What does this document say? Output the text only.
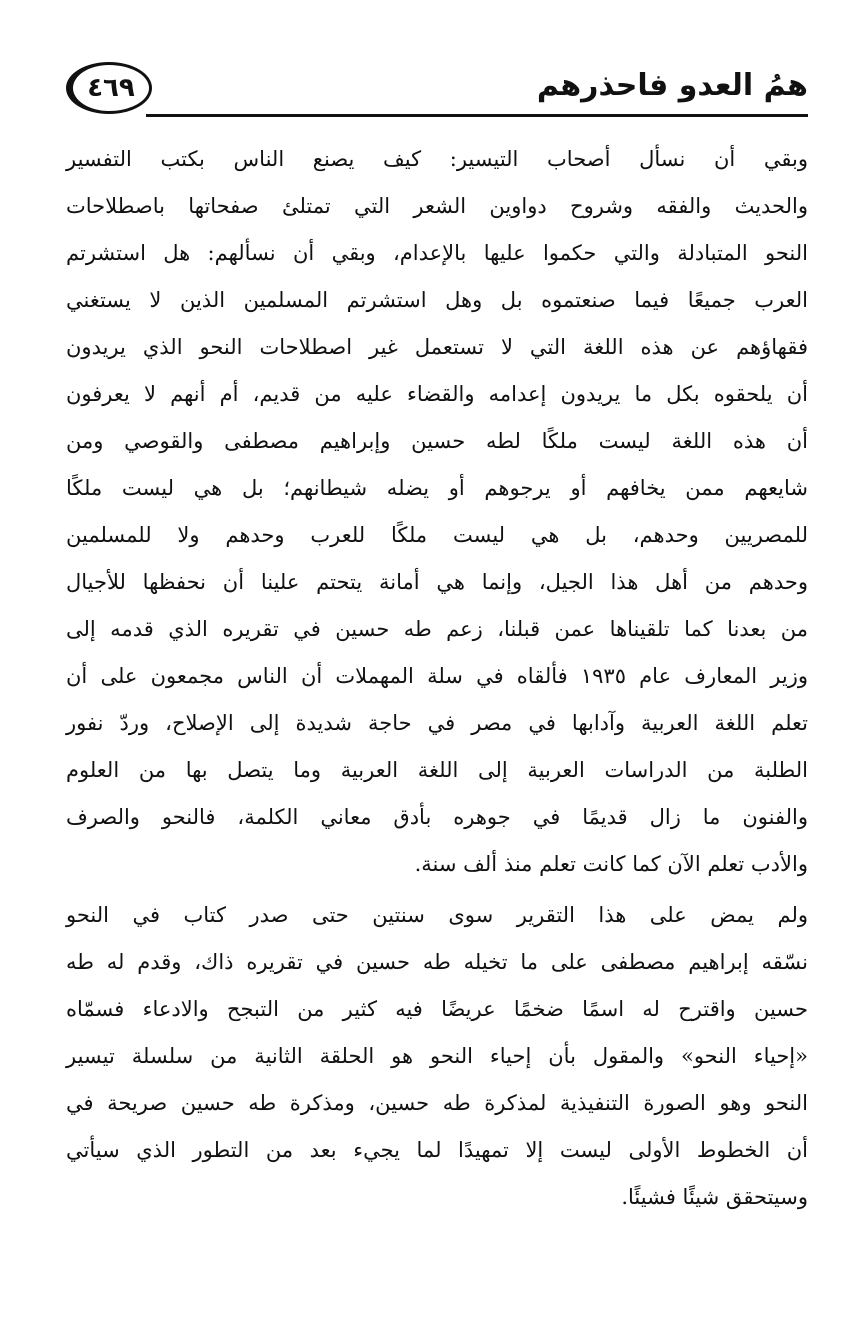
٤٦٩	همُ العدو فاحذرهم
وبقي أن نسأل أصحاب التيسير: كيف يصنع الناس بكتب التفسير
والحديث والفقه وشروح دواوين الشعر التي تمتلئ صفحاتها باصطلاحات
النحو المتبادلة والتي حكموا عليها بالإعدام، وبقي أن نسألهم: هل استشرتم
العرب جميعًا فيما صنعتموه بل وهل استشرتم المسلمين الذين لا يستغني
فقهاؤهم عن هذه اللغة التي لا تستعمل غير اصطلاحات النحو الذي يريدون
أن يلحقوه بكل ما يريدون إعدامه والقضاء عليه من قديم، أم أنهم لا يعرفون
أن هذه اللغة ليست ملكًا لطه حسين وإبراهيم مصطفى والقوصي ومن
شايعهم ممن يخافهم أو يرجوهم أو يضله شيطانهم؛ بل هي ليست ملكًا
للمصريين وحدهم، بل هي ليست ملكًا للعرب وحدهم ولا للمسلمين
وحدهم من أهل هذا الجيل، وإنما هي أمانة يتحتم علينا أن نحفظها للأجيال
من بعدنا كما تلقيناها عمن قبلنا، زعم طه حسين في تقريره الذي قدمه إلى
وزير المعارف عام ١٩٣٥ فألقاه في سلة المهملات أن الناس مجمعون على أن
تعلم اللغة العربية وآدابها في مصر في حاجة شديدة إلى الإصلاح، وردّ نفور
الطلبة من الدراسات العربية إلى اللغة العربية وما يتصل بها من العلوم
والفنون ما زال قديمًا في جوهره بأدق معاني الكلمة، فالنحو والصرف
والأدب تعلم الآن كما كانت تعلم منذ ألف سنة.
ولم يمض على هذا التقرير سوى سنتين حتى صدر كتاب في النحو
نسّقه إبراهيم مصطفى على ما تخيله طه حسين في تقريره ذاك، وقدم له طه
حسين واقترح له اسمًا ضخمًا عريضًا فيه كثير من التبجح والادعاء فسمّاه
«إحياء النحو» والمقول بأن إحياء النحو هو الحلقة الثانية من سلسلة تيسير
النحو وهو الصورة التنفيذية لمذكرة طه حسين، ومذكرة طه حسين صريحة في
أن الخطوط الأولى ليست إلا تمهيدًا لما يجيء بعد من التطور الذي سيأتي
وسيتحقق شيئًا فشيئًا.
